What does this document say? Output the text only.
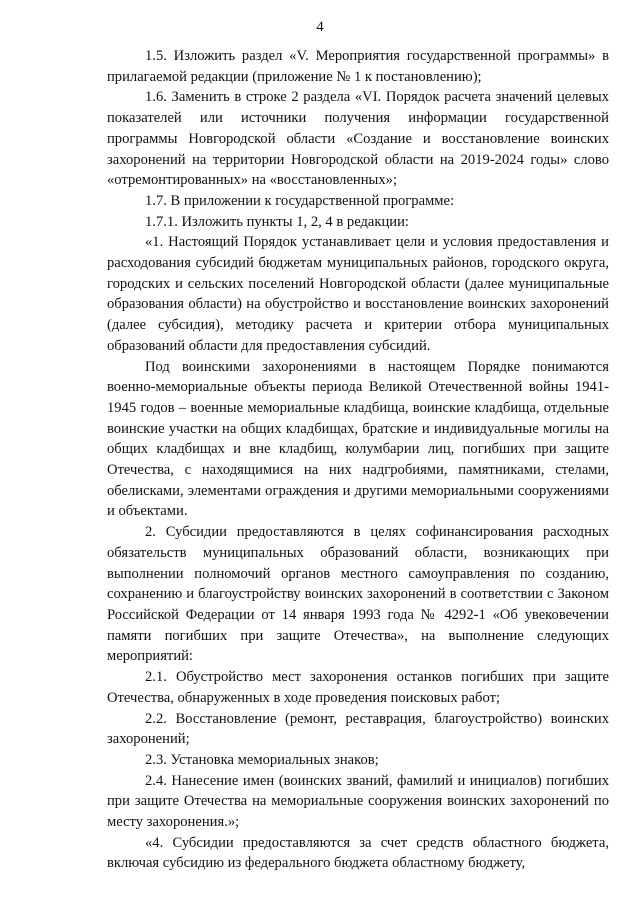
4

1.5. Изложить раздел «V. Мероприятия государственной программы» в прилагаемой редакции (приложение № 1 к постановлению);

1.6. Заменить в строке 2 раздела «VI. Порядок расчета значений целевых показателей или источники получения информации государственной программы Новгородской области «Создание и восстановление воинских захоронений на территории Новгородской области на 2019-2024 годы» слово «отремонтированных» на «восстановленных»;

1.7. В приложении к государственной программе:

1.7.1. Изложить пункты 1, 2, 4 в редакции:

«1. Настоящий Порядок устанавливает цели и условия предоставления и расходования субсидий бюджетам муниципальных районов, городского округа, городских и сельских поселений Новгородской области (далее муниципальные образования области) на обустройство и восстановление воинских захоронений (далее субсидия), методику расчета и критерии отбора муниципальных образований области для предоставления субсидий.

Под воинскими захоронениями в настоящем Порядке понимаются военно-мемориальные объекты периода Великой Отечественной войны 1941-1945 годов – военные мемориальные кладбища, воинские кладбища, отдельные воинские участки на общих кладбищах, братские и индивидуальные могилы на общих кладбищах и вне кладбищ, колумбарии лиц, погибших при защите Отечества, с находящимися на них надгробиями, памятниками, стелами, обелисками, элементами ограждения и другими мемориальными сооружениями и объектами.

2. Субсидии предоставляются в целях софинансирования расходных обязательств муниципальных образований области, возникающих при выполнении полномочий органов местного самоуправления по созданию, сохранению и благоустройству воинских захоронений в соответствии с Законом Российской Федерации от 14 января 1993 года № 4292-1 «Об увековечении памяти погибших при защите Отечества», на выполнение следующих мероприятий:

2.1. Обустройство мест захоронения останков погибших при защите Отечества, обнаруженных в ходе проведения поисковых работ;

2.2. Восстановление (ремонт, реставрация, благоустройство) воинских захоронений;

2.3. Установка мемориальных знаков;

2.4. Нанесение имен (воинских званий, фамилий и инициалов) погибших при защите Отечества на мемориальные сооружения воинских захоронений по месту захоронения.»;

«4. Субсидии предоставляются за счет средств областного бюджета, включая субсидию из федерального бюджета областному бюджету,
